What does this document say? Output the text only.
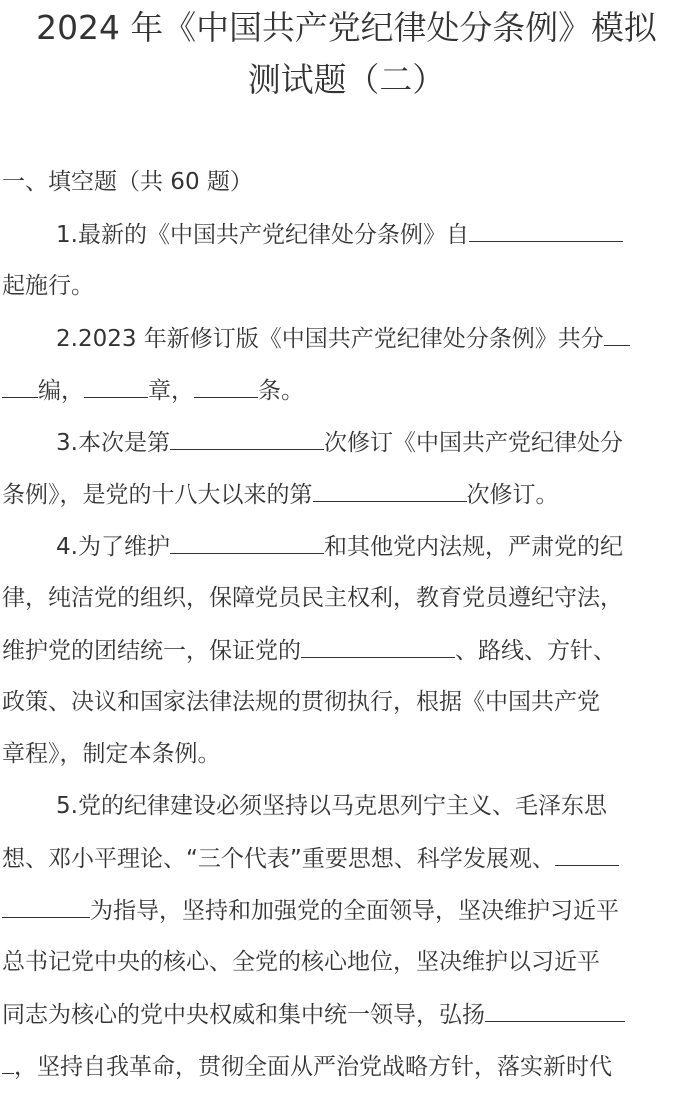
2024 年《中国共产党纪律处分条例》模拟
测试题（二）
一、填空题（共 60 题）
1.最新的《中国共产党纪律处分条例》自
起施行。
2.2023 年新修订版《中国共产党纪律处分条例》共分
编，	章，	条。
3.本次是第	次修订《中国共产党纪律处分
条例》，是党的十八大以来的第	次修订。
4.为了维护	和其他党内法规，严肃党的纪
律，纯洁党的组织，保障党员民主权利，教育党员遵纪守法，
维护党的团结统一，保证党的	、路线、方针、
政策、决议和国家法律法规的贯彻执行，根据《中国共产党
章程》，制定本条例。
5.党的纪律建设必须坚持以马克思列宁主义、毛泽东思
想、邓小平理论、“三个代表”重要思想、科学发展观、
为指导，坚持和加强党的全面领导，坚决维护习近平
总书记党中央的核心、全党的核心地位，坚决维护以习近平
同志为核心的党中央权威和集中统一领导，弘扬
，坚持自我革命，贯彻全面从严治党战略方针，落实新时代
